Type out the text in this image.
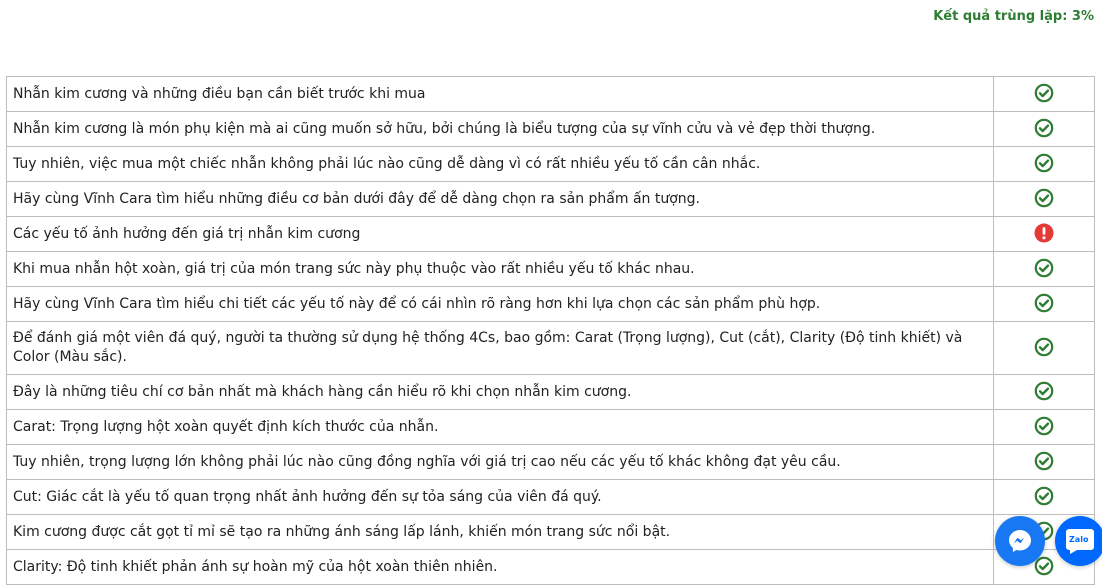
Kết quả trùng lặp: 3%
Nhẫn kim cương và những điều bạn cần biết trước khi mua	
Nhẫn kim cương là món phụ kiện mà ai cũng muốn sở hữu, bởi chúng là biểu tượng của sự vĩnh cửu và vẻ đẹp thời thượng.	
Tuy nhiên, việc mua một chiếc nhẫn không phải lúc nào cũng dễ dàng vì có rất nhiều yếu tố cần cân nhắc.	
Hãy cùng Vĩnh Cara tìm hiểu những điều cơ bản dưới đây để dễ dàng chọn ra sản phẩm ấn tượng.	
Các yếu tố ảnh hưởng đến giá trị nhẫn kim cương	
Khi mua nhẫn hột xoàn, giá trị của món trang sức này phụ thuộc vào rất nhiều yếu tố khác nhau.	
Hãy cùng Vĩnh Cara tìm hiểu chi tiết các yếu tố này để có cái nhìn rõ ràng hơn khi lựa chọn các sản phẩm phù hợp.	
Để đánh giá một viên đá quý, người ta thường sử dụng hệ thống 4Cs, bao gồm: Carat (Trọng lượng), Cut (cắt), Clarity (Độ tinh khiết) và Color (Màu sắc).	
Đây là những tiêu chí cơ bản nhất mà khách hàng cần hiểu rõ khi chọn nhẫn kim cương.	
Carat: Trọng lượng hột xoàn quyết định kích thước của nhẫn.	
Tuy nhiên, trọng lượng lớn không phải lúc nào cũng đồng nghĩa với giá trị cao nếu các yếu tố khác không đạt yêu cầu.	
Cut: Giác cắt là yếu tố quan trọng nhất ảnh hưởng đến sự tỏa sáng của viên đá quý.	
Kim cương được cắt gọt tỉ mỉ sẽ tạo ra những ánh sáng lấp lánh, khiến món trang sức nổi bật.	
Clarity: Độ tinh khiết phản ánh sự hoàn mỹ của hột xoàn thiên nhiên.	
Zalo
